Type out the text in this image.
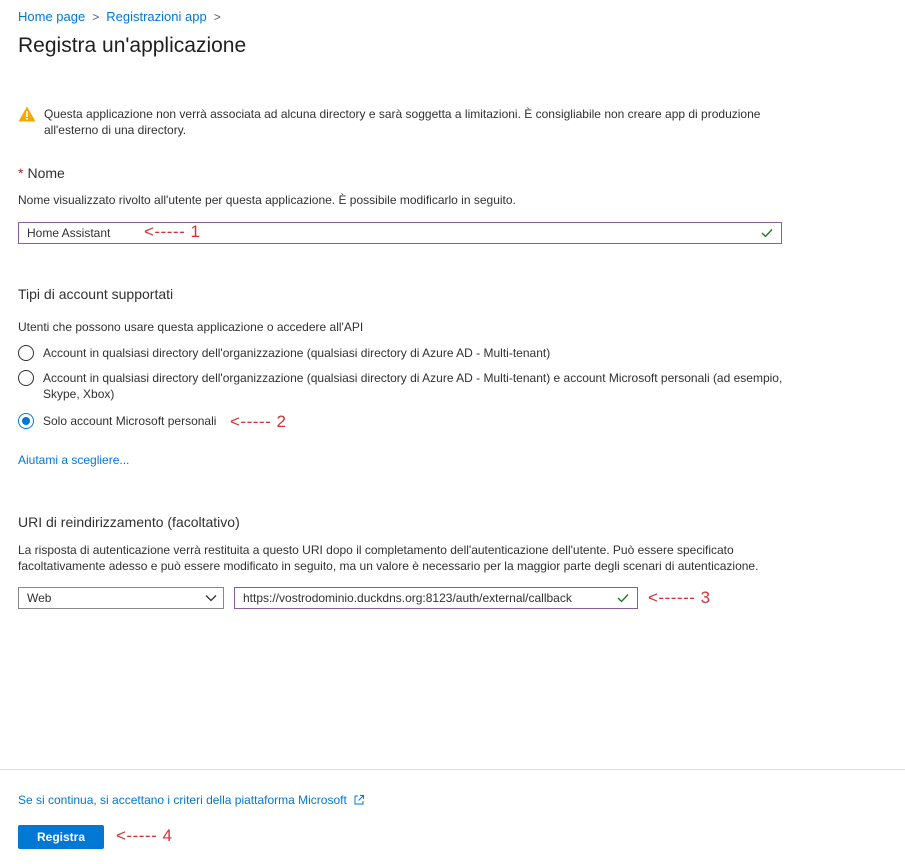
Home page > Registrazioni app >
Registra un'applicazione
Questa applicazione non verrà associata ad alcuna directory e sarà soggetta a limitazioni. È consigliabile non creare app di produzione all'esterno di una directory.
* Nome
Nome visualizzato rivolto all'utente per questa applicazione. È possibile modificarlo in seguito.
Home Assistant	<----- 1
Tipi di account supportati
Utenti che possono usare questa applicazione o accedere all'API
Account in qualsiasi directory dell'organizzazione (qualsiasi directory di Azure AD - Multi-tenant)
Account in qualsiasi directory dell'organizzazione (qualsiasi directory di Azure AD - Multi-tenant) e account Microsoft personali (ad esempio, Skype, Xbox)
Solo account Microsoft personali <----- 2
Aiutami a scegliere...
URI di reindirizzamento (facoltativo)
La risposta di autenticazione verrà restituita a questo URI dopo il completamento dell'autenticazione dell'utente. Può essere specificato
facoltativamente adesso e può essere modificato in seguito, ma un valore è necessario per la maggior parte degli scenari di autenticazione.
Web	https://vostrodominio.duckdns.org:8123/auth/external/callback	<------ 3
Se si continua, si accettano i criteri della piattaforma Microsoft
Registra	<----- 4
